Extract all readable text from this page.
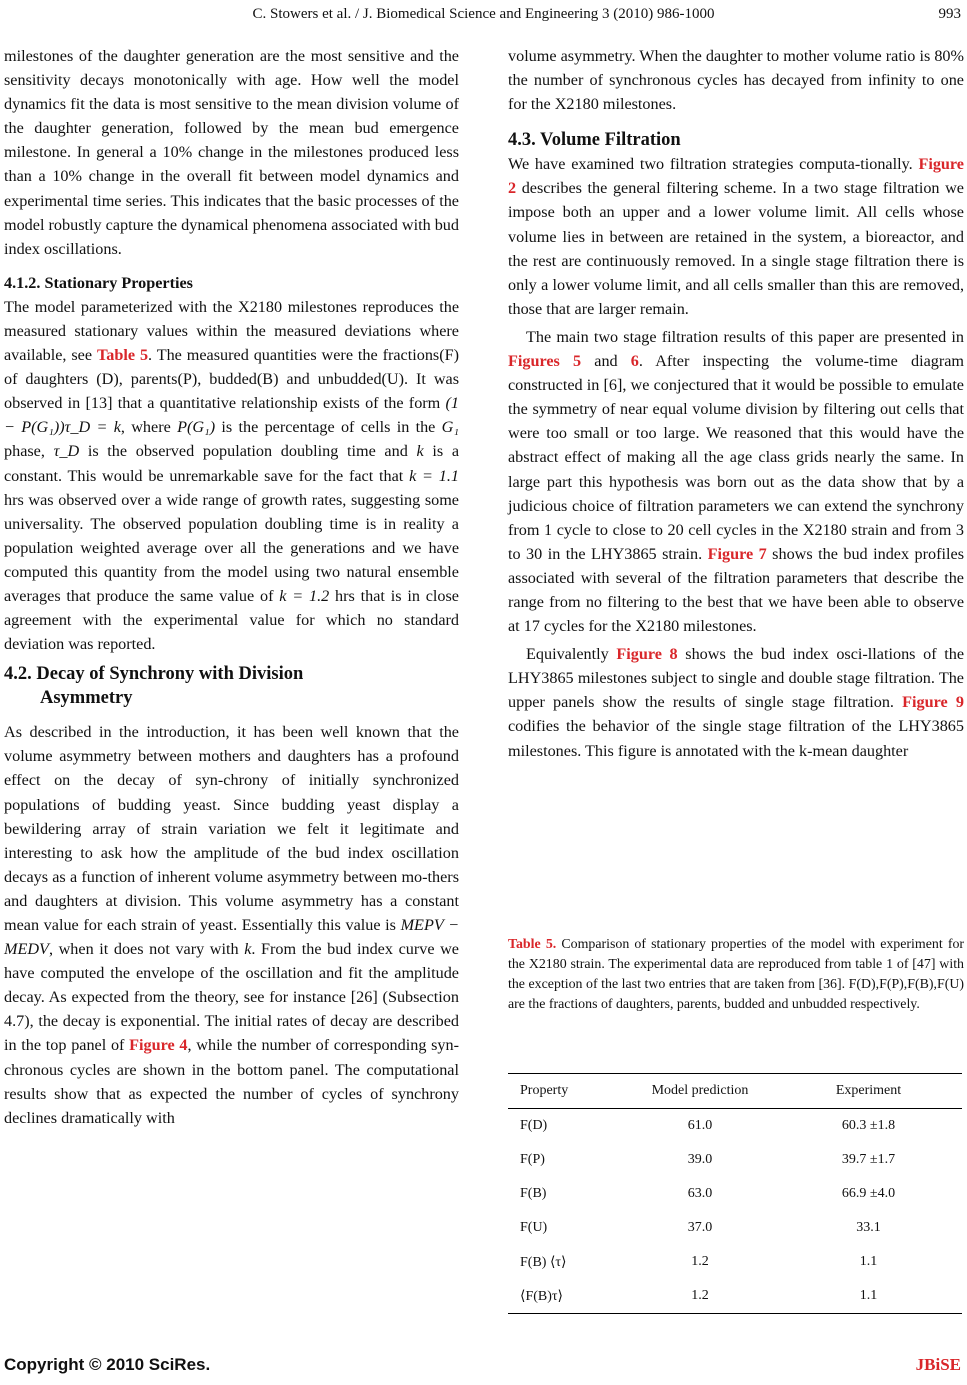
C. Stowers et al. / J. Biomedical Science and Engineering 3 (2010) 986-1000	993

milestones of the daughter generation are the most sensitive and the sensitivity decays monotonically with age. How well the model dynamics fit the data is most sensitive to the mean division volume of the daughter generation, followed by the mean bud emergence milestone. In general a 10% change in the milestones produced less than a 10% change in the overall fit between model dynamics and experimental time series. This indicates that the basic processes of the model robustly capture the dynamical phenomena associated with bud index oscillations.

4.1.2. Stationary Properties

The model parameterized with the X2180 milestones reproduces the measured stationary values within the measured deviations where available, see Table 5. The measured quantities were the fractions(F) of daughters (D), parents(P), budded(B) and unbudded(U). It was observed in [13] that a quantitative relationship exists of the form (1 − P(G₁))τ_D = k, where P(G₁) is the percentage of cells in the G₁ phase, τ_D is the observed population doubling time and k is a constant. This would be unremarkable save for the fact that k = 1.1 hrs was observed over a wide range of growth rates, suggesting some universality. The observed population doubling time is in reality a population weighted average over all the generations and we have computed this quantity from the model using two natural ensemble averages that produce the same value of k = 1.2 hrs that is in close agreement with the experimental value for which no standard deviation was reported.

4.2. Decay of Synchrony with Division
Asymmetry

As described in the introduction, it has been well known that the volume asymmetry between mothers and daughters has a profound effect on the decay of syn-chrony of initially synchronized populations of budding yeast. Since budding yeast display a bewildering array of strain variation we felt it legitimate and interesting to ask how the amplitude of the bud index oscillation decays as a function of inherent volume asymmetry between mo-thers and daughters at division. This volume asymmetry has a constant mean value for each strain of yeast. Essentially this value is MEPV − MEDV, when it does not vary with k. From the bud index curve we have computed the envelope of the oscillation and fit the amplitude decay. As expected from the theory, see for instance [26] (Subsection 4.7), the decay is exponential. The initial rates of decay are described in the top panel of Figure 4, while the number of corresponding syn-chronous cycles are shown in the bottom panel. The computational results show that as expected the number of cycles of synchrony declines dramatically with

volume asymmetry. When the daughter to mother volume ratio is 80% the number of synchronous cycles has decayed from infinity to one for the X2180 milestones.

4.3. Volume Filtration

We have examined two filtration strategies computa-tionally. Figure 2 describes the general filtering scheme. In a two stage filtration we impose both an upper and a lower volume limit. All cells whose volume lies in between are retained in the system, a bioreactor, and the rest are continuously removed. In a single stage filtration there is only a lower volume limit, and all cells smaller than this are removed, those that are larger remain.

The main two stage filtration results of this paper are presented in Figures 5 and 6. After inspecting the volume-time diagram constructed in [6], we conjectured that it would be possible to emulate the symmetry of near equal volume division by filtering out cells that were too small or too large. We reasoned that this would have the abstract effect of making all the age class grids nearly the same. In large part this hypothesis was born out as the data show that by a judicious choice of filtration parameters we can extend the synchrony from 1 cycle to close to 20 cell cycles in the X2180 strain and from 3 to 30 in the LHY3865 strain. Figure 7 shows the bud index profiles associated with several of the filtration parameters that describe the range from no filtering to the best that we have been able to observe at 17 cycles for the X2180 milestones.

Equivalently Figure 8 shows the bud index osci-llations of the LHY3865 milestones subject to single and double stage filtration. The upper panels show the results of single stage filtration. Figure 9 codifies the behavior of the single stage filtration of the LHY3865 milestones. This figure is annotated with the k-mean daughter

Table 5. Comparison of stationary properties of the model with experiment for the X2180 strain. The experimental data are reproduced from table 1 of [47] with the exception of the last two entries that are taken from [36]. F(D),F(P),F(B),F(U) are the fractions of daughters, parents, budded and unbudded respectively.
Property	Model prediction	Experiment
F(D)	61.0	60.3 ±1.8
F(P)	39.0	39.7 ±1.7
F(B)	63.0	66.9 ±4.0
F(U)	37.0	33.1
F(B) ⟨τ⟩	1.2	1.1
⟨F(B)τ⟩	1.2	1.1
Copyright © 2010 SciRes.	JBiSE
